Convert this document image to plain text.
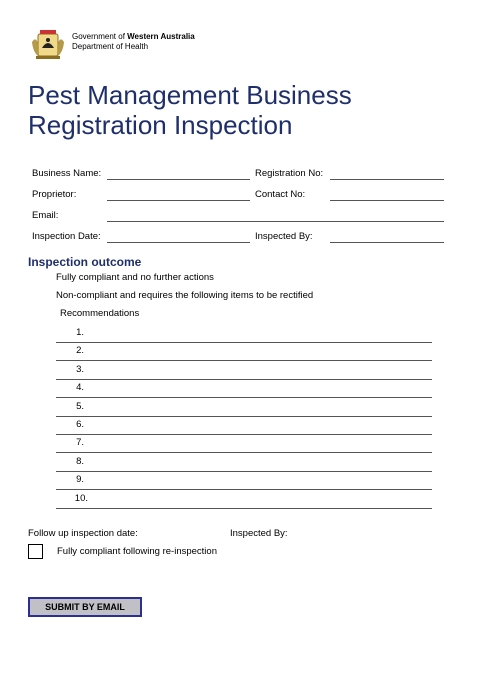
Government of Western Australia
Department of Health
Pest Management Business
Registration Inspection
Business Name:	Registration No:
Proprietor:	Contact No:
Email:
Inspection Date:	Inspected By:
Inspection outcome
Fully compliant and no further actions
Non-compliant and requires the following items to be rectified
Recommendations
1.
2.
3.
4.
5.
6.
7.
8.
9.
10.
Follow up inspection date:	Inspected By:
Fully compliant following re-inspection
SUBMIT BY EMAIL
